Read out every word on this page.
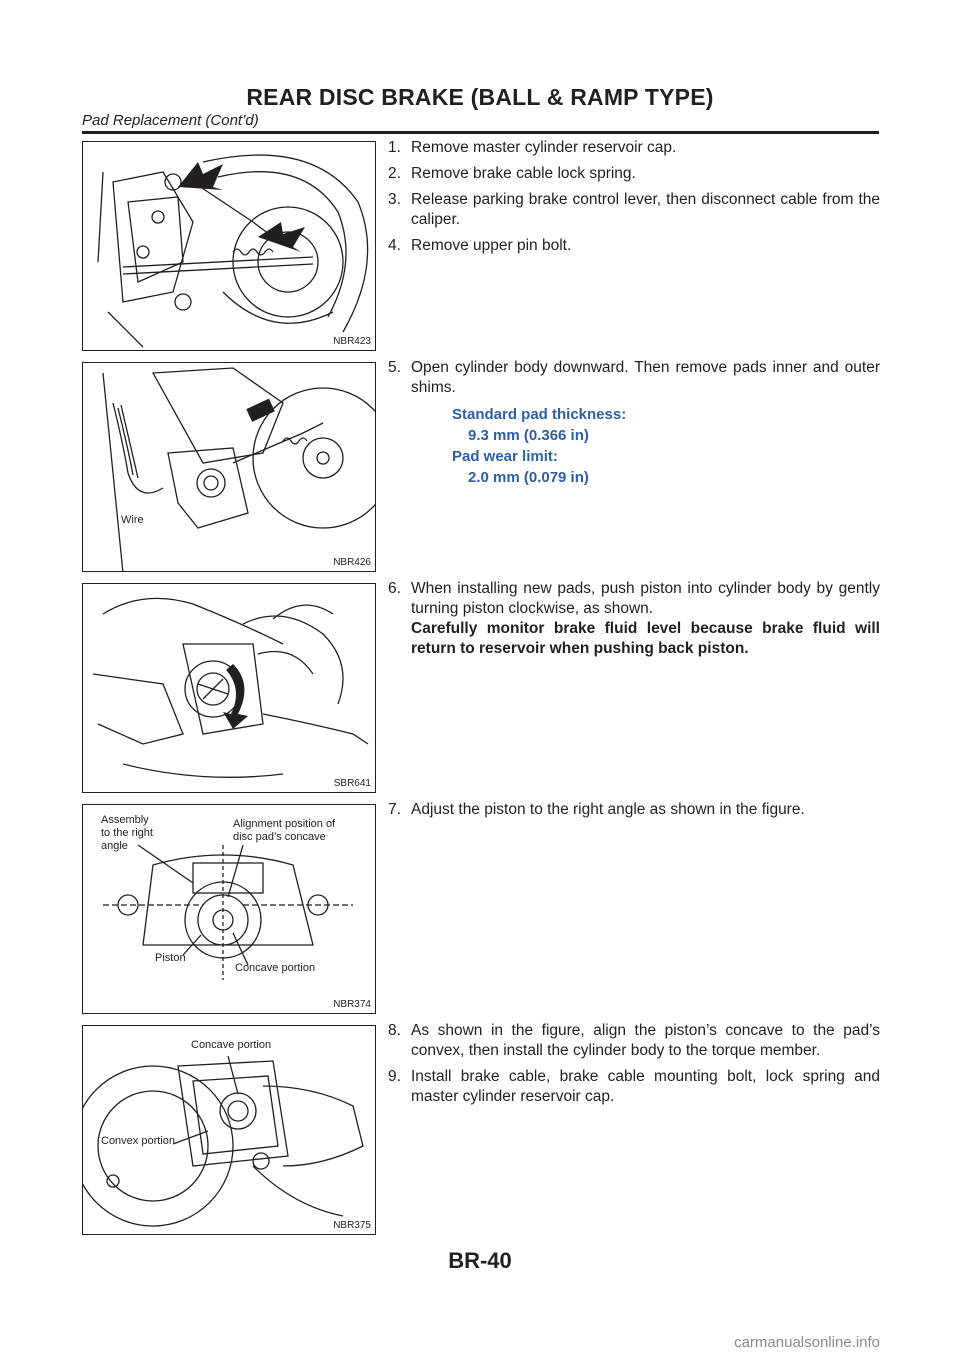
REAR DISC BRAKE (BALL & RAMP TYPE)
Pad Replacement (Cont’d)
NBR423
Wire
NBR426
SBR641
Assembly
to the right
angle
Alignment position of
disc pad’s concave
Piston
Concave portion
NBR374
Concave portion
Convex portion
NBR375
1. Remove master cylinder reservoir cap.
2. Remove brake cable lock spring.
3. Release parking brake control lever, then disconnect cable from the caliper.
4. Remove upper pin bolt.
5. Open cylinder body downward. Then remove pads inner and outer shims.
Standard pad thickness:
9.3 mm (0.366 in)
Pad wear limit:
2.0 mm (0.079 in)
6. When installing new pads, push piston into cylinder body by gently turning piston clockwise, as shown.
Carefully monitor brake fluid level because brake fluid will return to reservoir when pushing back piston.
7. Adjust the piston to the right angle as shown in the figure.
8. As shown in the figure, align the piston’s concave to the pad’s convex, then install the cylinder body to the torque member.
9. Install brake cable, brake cable mounting bolt, lock spring and master cylinder reservoir cap.
BR-40
carmanualsonline.info
